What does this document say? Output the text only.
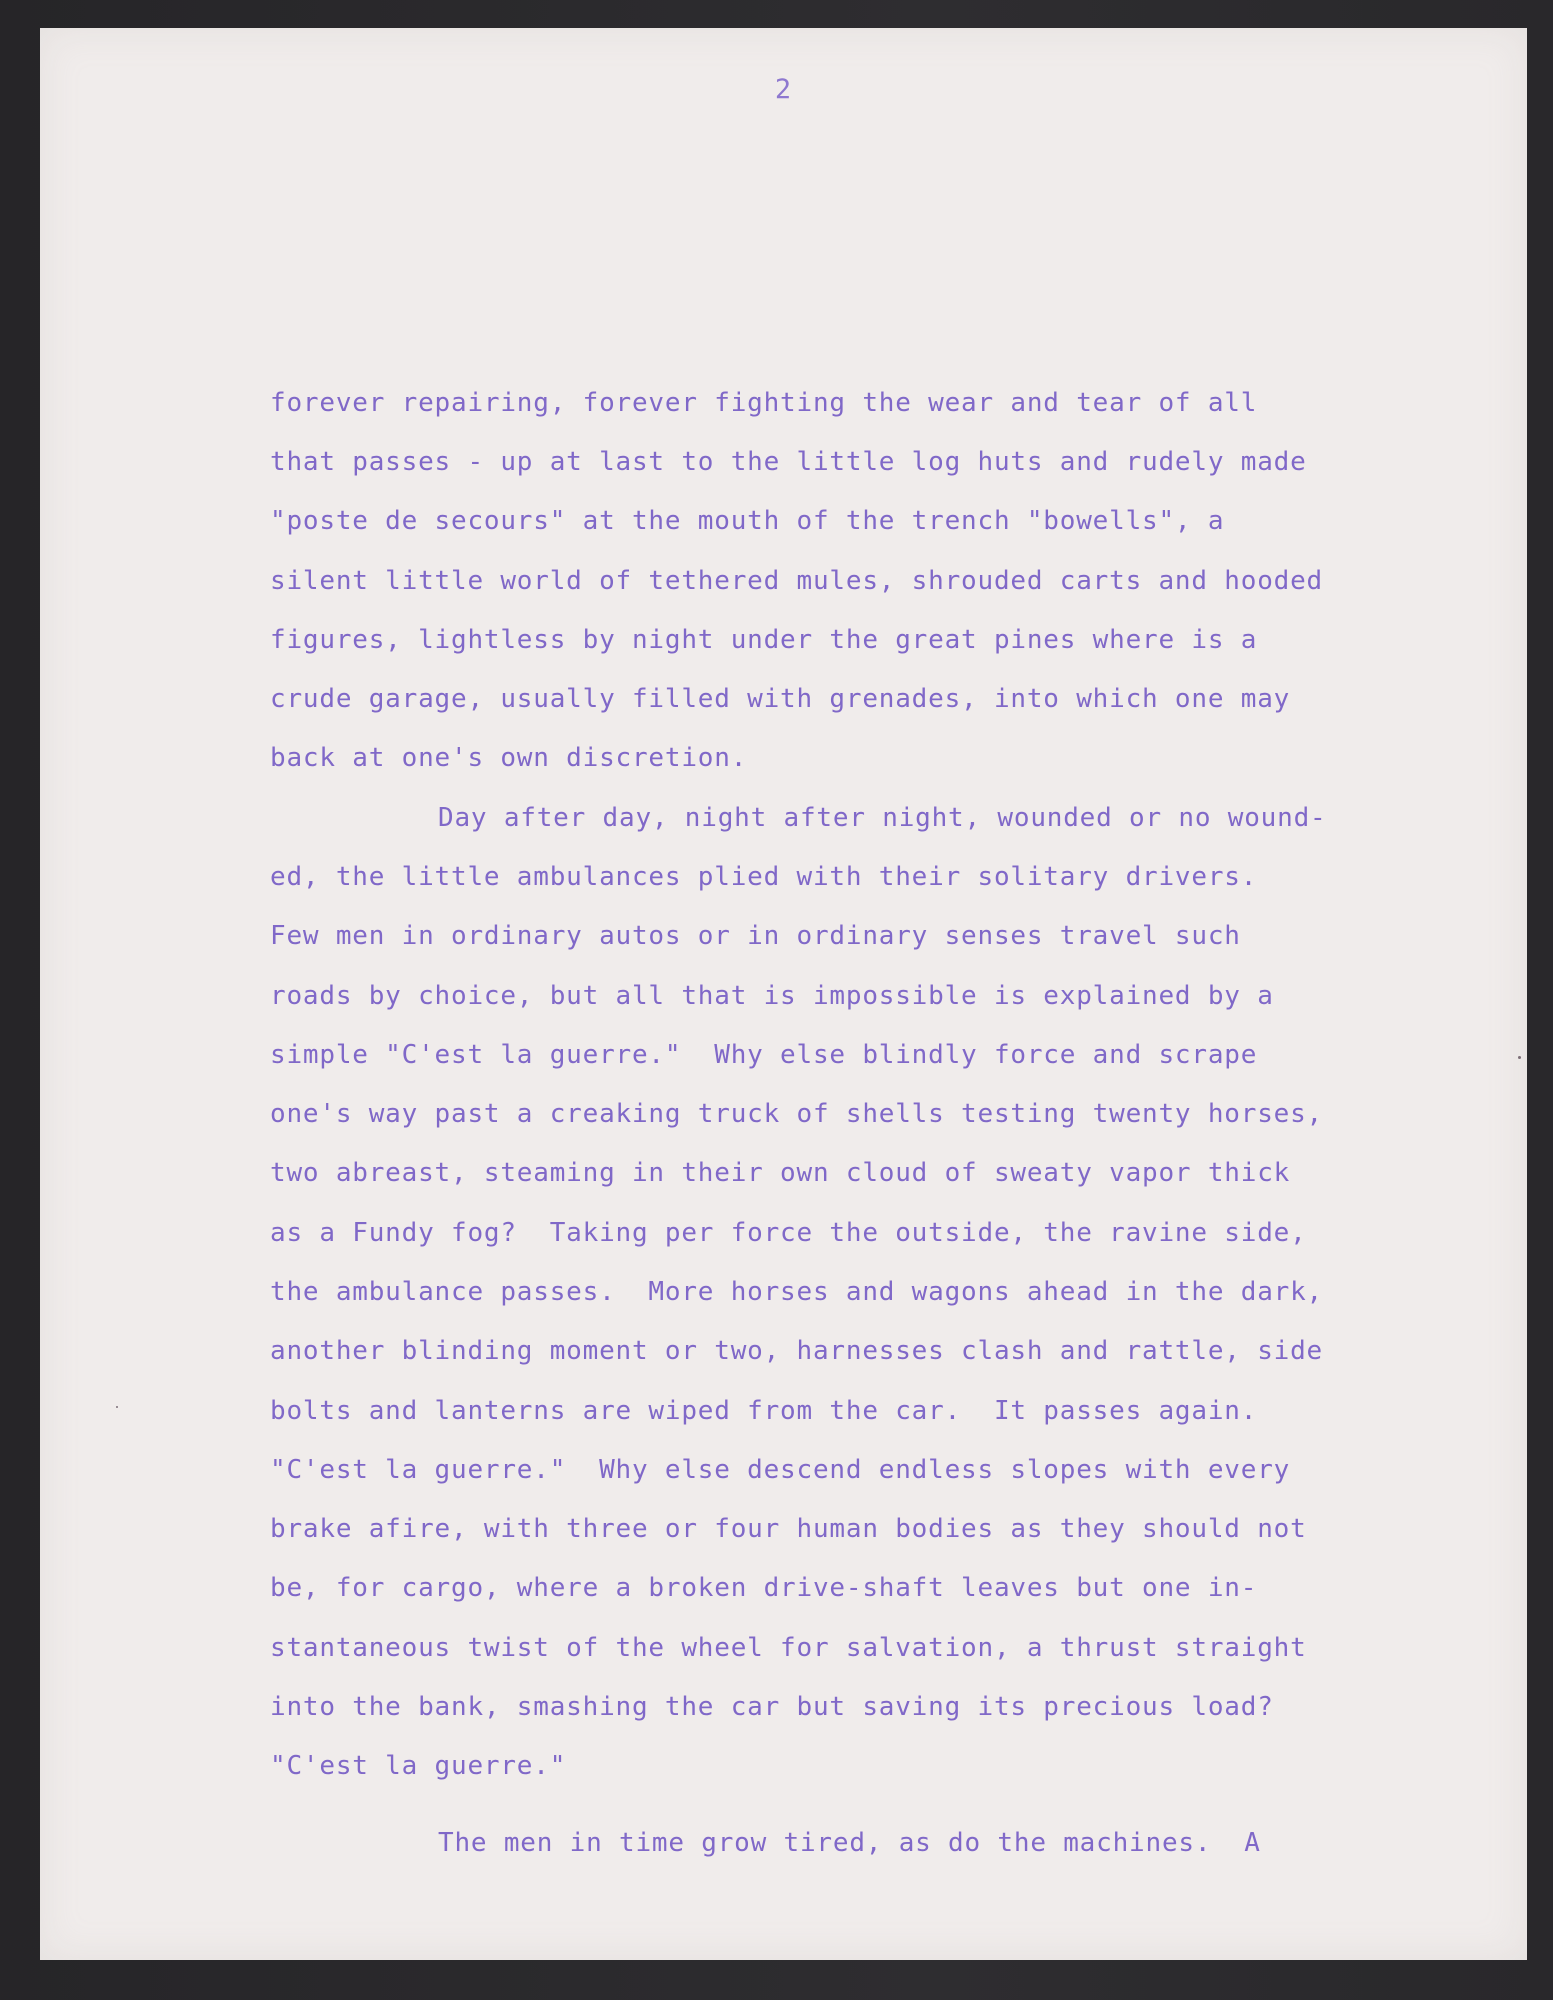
2
forever repairing, forever fighting the wear and tear of all
that passes - up at last to the little log huts and rudely made
"poste de secours" at the mouth of the trench "bowells", a
silent little world of tethered mules, shrouded carts and hooded
figures, lightless by night under the great pines where is a
crude garage, usually filled with grenades, into which one may
back at one's own discretion.
Day after day, night after night, wounded or no wound-
ed, the little ambulances plied with their solitary drivers.
Few men in ordinary autos or in ordinary senses travel such
roads by choice, but all that is impossible is explained by a
simple "C'est la guerre."  Why else blindly force and scrape
one's way past a creaking truck of shells testing twenty horses,
two abreast, steaming in their own cloud of sweaty vapor thick
as a Fundy fog?  Taking per force the outside, the ravine side,
the ambulance passes.  More horses and wagons ahead in the dark,
another blinding moment or two, harnesses clash and rattle, side
bolts and lanterns are wiped from the car.  It passes again.
"C'est la guerre."  Why else descend endless slopes with every
brake afire, with three or four human bodies as they should not
be, for cargo, where a broken drive-shaft leaves but one in-
stantaneous twist of the wheel for salvation, a thrust straight
into the bank, smashing the car but saving its precious load?
"C'est la guerre."
The men in time grow tired, as do the machines.  A
